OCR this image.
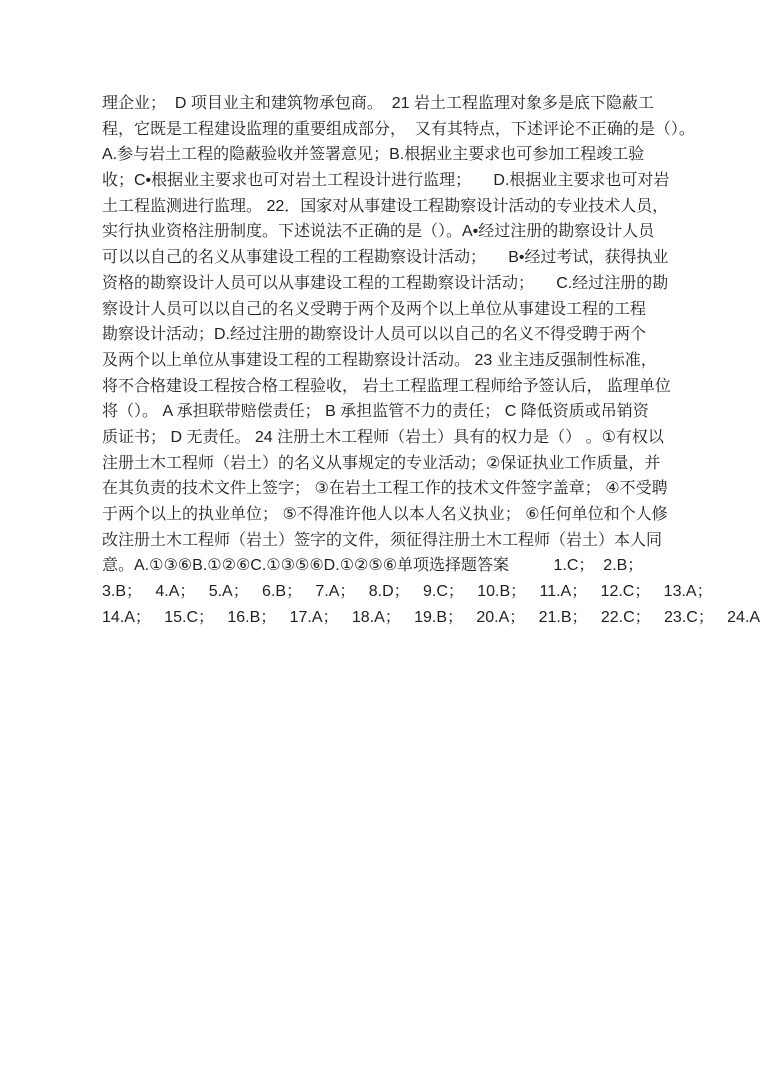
理企业；  D 项目业主和建筑物承包商。  21 岩土工程监理对象多是底下隐蔽工
程，它既是工程建设监理的重要组成部分，  又有其特点，下述评论不正确的是（）。
A.参与岩土工程的隐蔽验收并签署意见；B.根据业主要求也可参加工程竣工验
收；C•根据业主要求也可对岩土工程设计进行监理；     D.根据业主要求也可对岩
土工程监测进行监理。 22．国家对从事建设工程勘察设计活动的专业技术人员，
实行执业资格注册制度。下述说法不正确的是（）。A•经过注册的勘察设计人员
可以以自己的名义从事建设工程的工程勘察设计活动；     B•经过考试，获得执业
资格的勘察设计人员可以从事建设工程的工程勘察设计活动；     C.经过注册的勘
察设计人员可以以自己的名义受聘于两个及两个以上单位从事建设工程的工程
勘察设计活动；D.经过注册的勘察设计人员可以以自己的名义不得受聘于两个
及两个以上单位从事建设工程的工程勘察设计活动。 23 业主违反强制性标准，
将不合格建设工程按合格工程验收， 岩土工程监理工程师给予签认后， 监理单位
将（）。 A 承担联带赔偿责任； B 承担监管不力的责任； C 降低资质或吊销资
质证书； D 无责任。 24 注册土木工程师（岩土）具有的权力是（） 。①有权以
注册土木工程师（岩土）的名义从事规定的专业活动；②保证执业工作质量，并
在其负责的技术文件上签字； ③在岩土工程工作的技术文件签字盖章； ④不受聘
于两个以上的执业单位； ⑤不得准许他人以本人名义执业； ⑥任何单位和个人修
改注册土木工程师（岩土）签字的文件，须征得注册土木工程师（岩土）本人同
意。A.①③⑥B.①②⑥C.①③⑤⑥D.①②⑤⑥单项选择题答案          1.C；  2.B；
3.B；   4.A；   5.A；   6.B；   7.A；   8.D；   9.C；   10.B；   11.A；   12.C；   13.A；
14.A；   15.C；   16.B；   17.A；   18.A；   19.B；   20.A；   21.B；   22.C；   23.C；   24.A
